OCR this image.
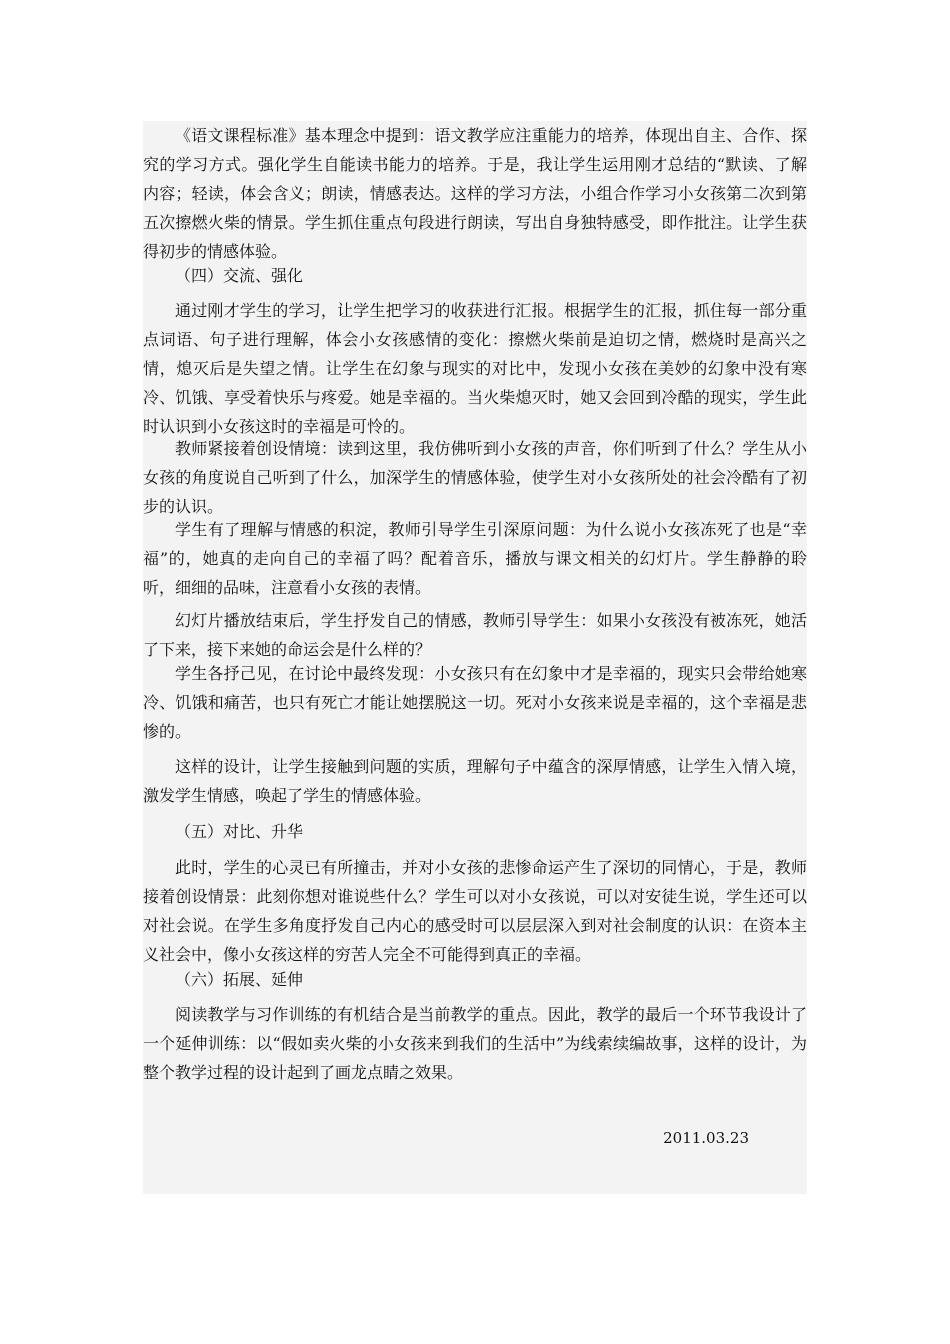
《语文课程标准》基本理念中提到：语文教学应注重能力的培养，体现出自主、合作、探究的学习方式。强化学生自能读书能力的培养。于是，我让学生运用刚才总结的“默读、了解内容；轻读，体会含义；朗读，情感表达。这样的学习方法，小组合作学习小女孩第二次到第五次擦燃火柴的情景。学生抓住重点句段进行朗读，写出自身独特感受，即作批注。让学生获得初步的情感体验。

（四）交流、强化

通过刚才学生的学习，让学生把学习的收获进行汇报。根据学生的汇报，抓住每一部分重点词语、句子进行理解，体会小女孩感情的变化：擦燃火柴前是迫切之情，燃烧时是高兴之情，熄灭后是失望之情。让学生在幻象与现实的对比中，发现小女孩在美妙的幻象中没有寒冷、饥饿、享受着快乐与疼爱。她是幸福的。当火柴熄灭时，她又会回到冷酷的现实，学生此时认识到小女孩这时的幸福是可怜的。

教师紧接着创设情境：读到这里，我仿佛听到小女孩的声音，你们听到了什么？学生从小女孩的角度说自己听到了什么，加深学生的情感体验，使学生对小女孩所处的社会冷酷有了初步的认识。

学生有了理解与情感的积淀，教师引导学生引深原问题：为什么说小女孩冻死了也是“幸福”的，她真的走向自己的幸福了吗？配着音乐，播放与课文相关的幻灯片。学生静静的聆听，细细的品味，注意看小女孩的表情。

幻灯片播放结束后，学生抒发自己的情感，教师引导学生：如果小女孩没有被冻死，她活了下来，接下来她的命运会是什么样的？

学生各抒己见，在讨论中最终发现：小女孩只有在幻象中才是幸福的，现实只会带给她寒冷、饥饿和痛苦，也只有死亡才能让她摆脱这一切。死对小女孩来说是幸福的，这个幸福是悲惨的。

这样的设计，让学生接触到问题的实质，理解句子中蕴含的深厚情感，让学生入情入境，激发学生情感，唤起了学生的情感体验。

（五）对比、升华

此时，学生的心灵已有所撞击，并对小女孩的悲惨命运产生了深切的同情心，于是，教师接着创设情景：此刻你想对谁说些什么？学生可以对小女孩说，可以对安徒生说，学生还可以对社会说。在学生多角度抒发自己内心的感受时可以层层深入到对社会制度的认识：在资本主义社会中，像小女孩这样的穷苦人完全不可能得到真正的幸福。

（六）拓展、延伸

阅读教学与习作训练的有机结合是当前教学的重点。因此，教学的最后一个环节我设计了一个延伸训练：以“假如卖火柴的小女孩来到我们的生活中”为线索续编故事，这样的设计，为整个教学过程的设计起到了画龙点睛之效果。

2011.03.23
